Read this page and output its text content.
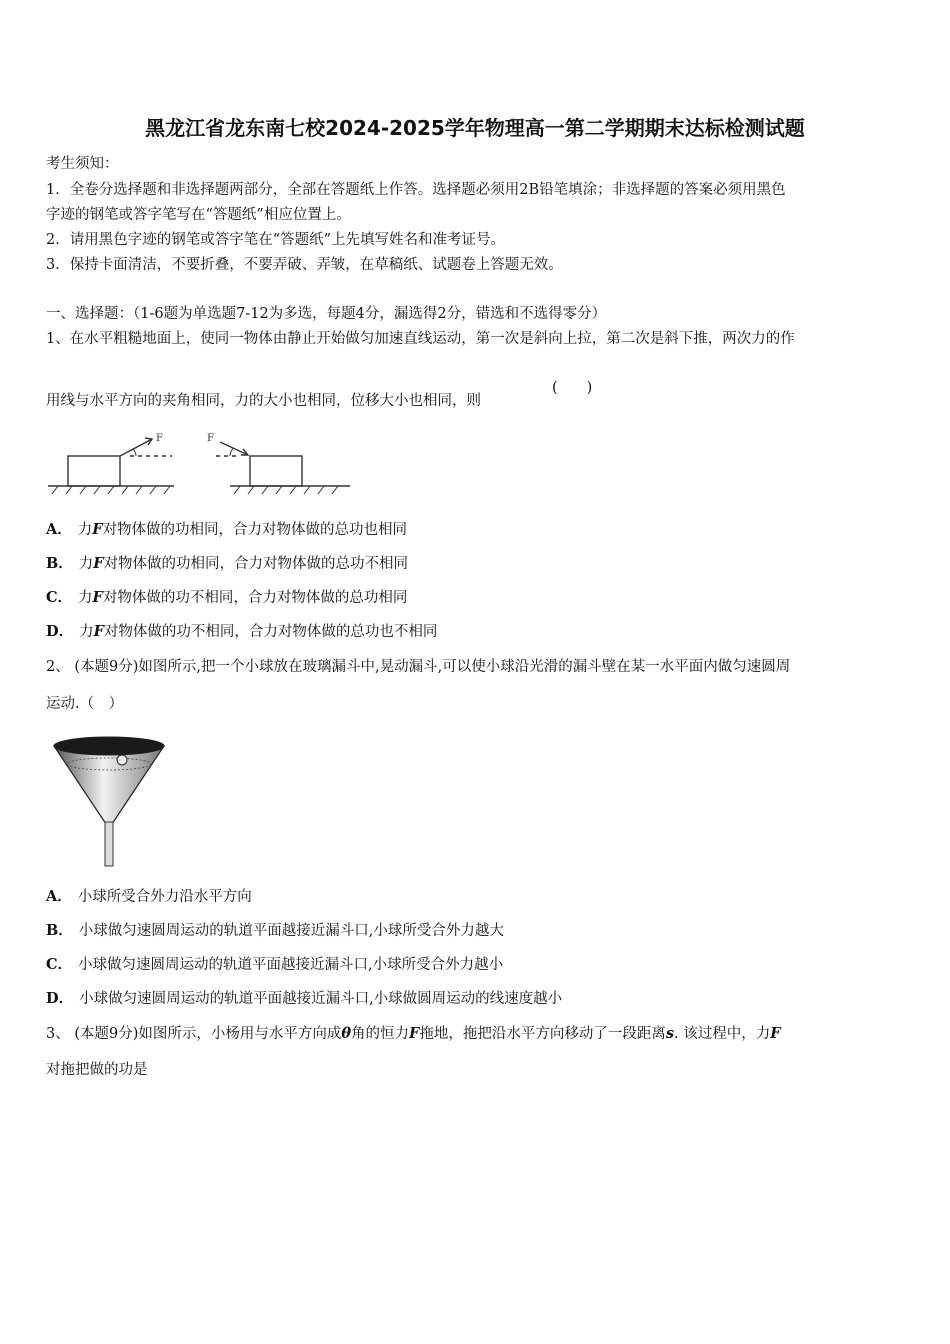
黑龙江省龙东南七校2024-2025学年物理高一第二学期期末达标检测试题
考生须知：
1．全卷分选择题和非选择题两部分，全部在答题纸上作答。选择题必须用2B铅笔填涂；非选择题的答案必须用黑色
字迹的钢笔或答字笔写在“答题纸”相应位置上。
2．请用黑色字迹的钢笔或答字笔在“答题纸”上先填写姓名和准考证号。
3．保持卡面清洁，不要折叠，不要弄破、弄皱，在草稿纸、试题卷上答题无效。
一、选择题：（1-6题为单选题7-12为多选，每题4分，漏选得2分，错选和不选得零分）
1、在水平粗糙地面上，使同一物体由静止开始做匀加速直线运动，第一次是斜向上拉，第二次是斜下推，两次力的作
用线与水平方向的夹角相同，力的大小也相同，位移大小也相同，则
(　　)
F	F
A． 力F对物体做的功相同，合力对物体做的总功也相同
B． 力F对物体做的功相同，合力对物体做的总功不相同
C． 力F对物体做的功不相同，合力对物体做的总功相同
D． 力F对物体做的功不相同，合力对物体做的总功也不相同
2、 (本题9分)如图所示,把一个小球放在玻璃漏斗中,晃动漏斗,可以使小球沿光滑的漏斗壁在某一水平面内做匀速圆周
运动.（　）
A． 小球所受合外力沿水平方向
B． 小球做匀速圆周运动的轨道平面越接近漏斗口,小球所受合外力越大
C． 小球做匀速圆周运动的轨道平面越接近漏斗口,小球所受合外力越小
D． 小球做匀速圆周运动的轨道平面越接近漏斗口,小球做圆周运动的线速度越小
3、 (本题9分)如图所示，小杨用与水平方向成θ角的恒力F拖地，拖把沿水平方向移动了一段距离s. 该过程中，力F
对拖把做的功是
